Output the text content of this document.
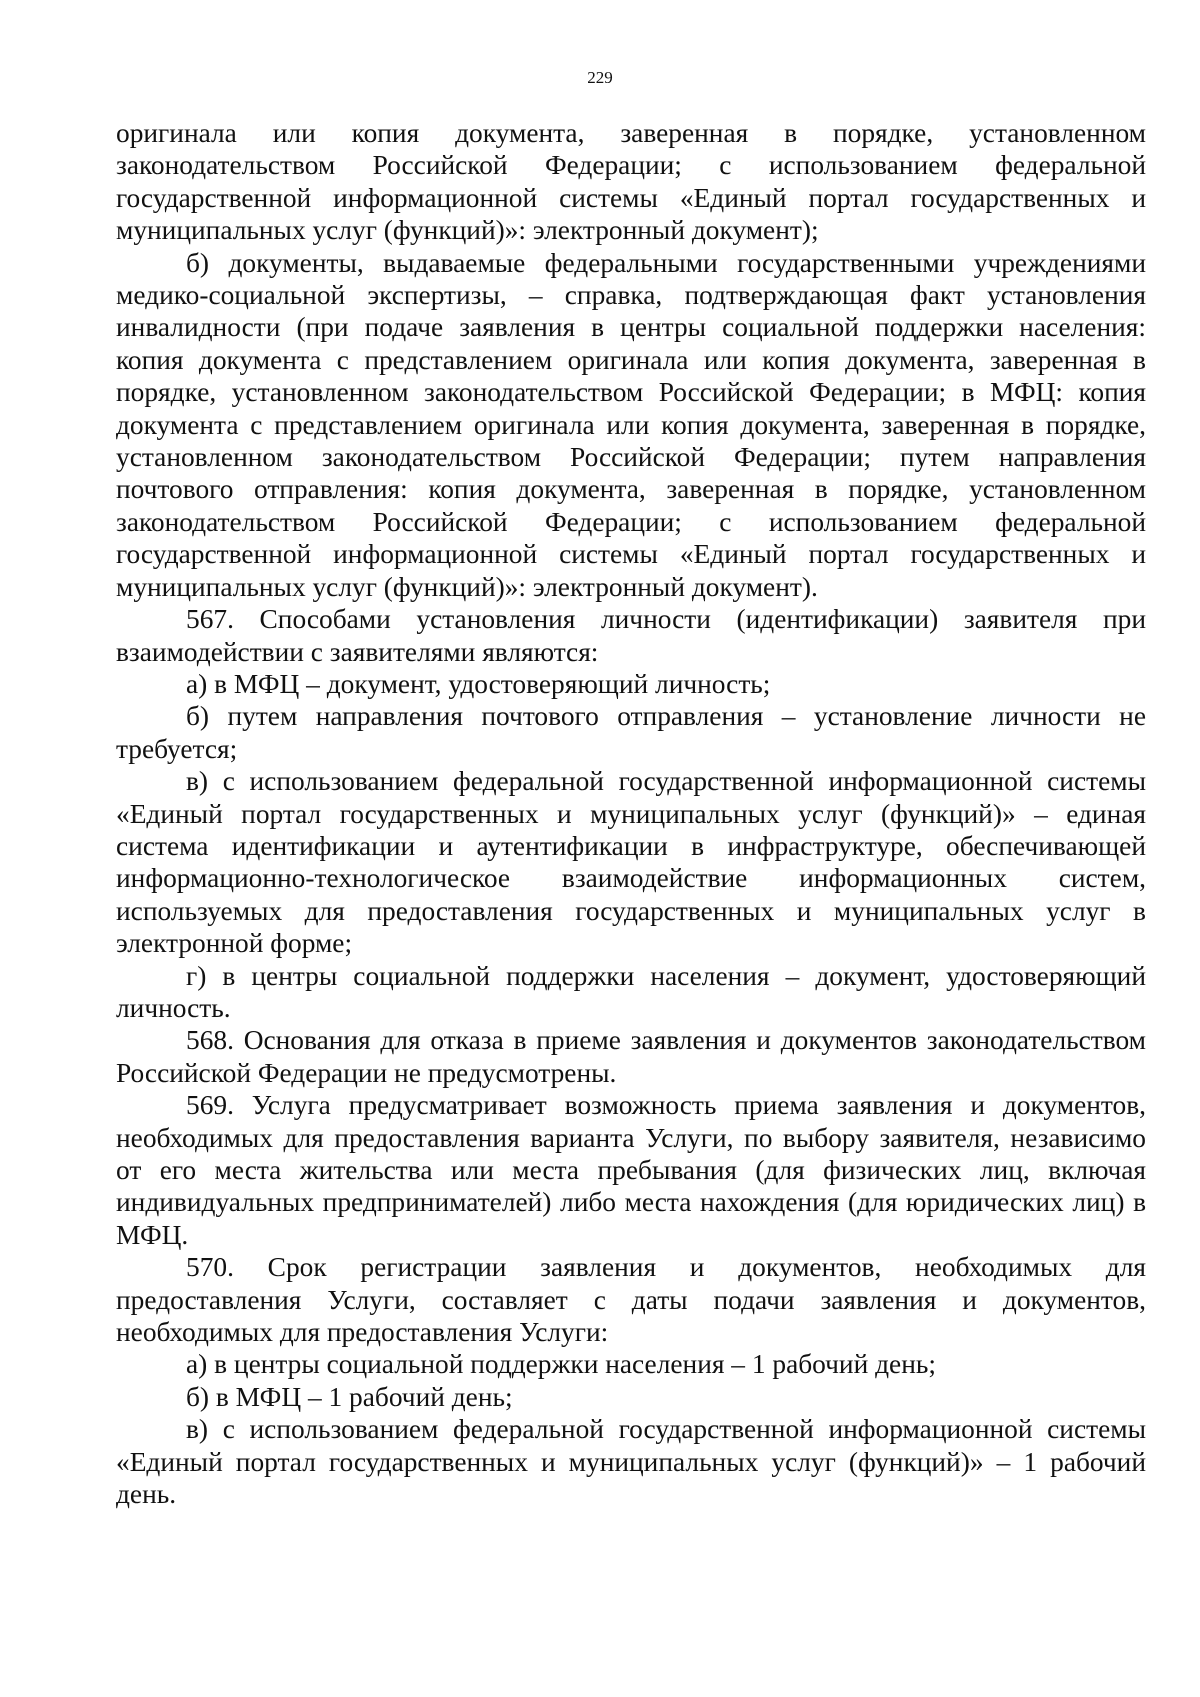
229

оригинала или копия документа, заверенная в порядке, установленном законодательством Российской Федерации; с использованием федеральной государственной информационной системы «Единый портал государственных и муниципальных услуг (функций)»: электронный документ);

б) документы, выдаваемые федеральными государственными учреждениями медико-социальной экспертизы, – справка, подтверждающая факт установления инвалидности (при подаче заявления в центры социальной поддержки населения: копия документа с представлением оригинала или копия документа, заверенная в порядке, установленном законодательством Российской Федерации; в МФЦ: копия документа с представлением оригинала или копия документа, заверенная в порядке, установленном законодательством Российской Федерации; путем направления почтового отправления: копия документа, заверенная в порядке, установленном законодательством Российской Федерации; с использованием федеральной государственной информационной системы «Единый портал государственных и муниципальных услуг (функций)»: электронный документ).

567. Способами установления личности (идентификации) заявителя при взаимодействии с заявителями являются:

а) в МФЦ – документ, удостоверяющий личность;

б) путем направления почтового отправления – установление личности не требуется;

в) с использованием федеральной государственной информационной системы «Единый портал государственных и муниципальных услуг (функций)» – единая система идентификации и аутентификации в инфраструктуре, обеспечивающей информационно-технологическое взаимодействие информационных систем, используемых для предоставления государственных и муниципальных услуг в электронной форме;

г) в центры социальной поддержки населения – документ, удостоверяющий личность.

568. Основания для отказа в приеме заявления и документов законодательством Российской Федерации не предусмотрены.

569. Услуга предусматривает возможность приема заявления и документов, необходимых для предоставления варианта Услуги, по выбору заявителя, независимо от его места жительства или места пребывания (для физических лиц, включая индивидуальных предпринимателей) либо места нахождения (для юридических лиц) в МФЦ.

570. Срок регистрации заявления и документов, необходимых для предоставления Услуги, составляет с даты подачи заявления и документов, необходимых для предоставления Услуги:

а) в центры социальной поддержки населения – 1 рабочий день;

б) в МФЦ – 1 рабочий день;

в) с использованием федеральной государственной информационной системы «Единый портал государственных и муниципальных услуг (функций)» – 1 рабочий день.
